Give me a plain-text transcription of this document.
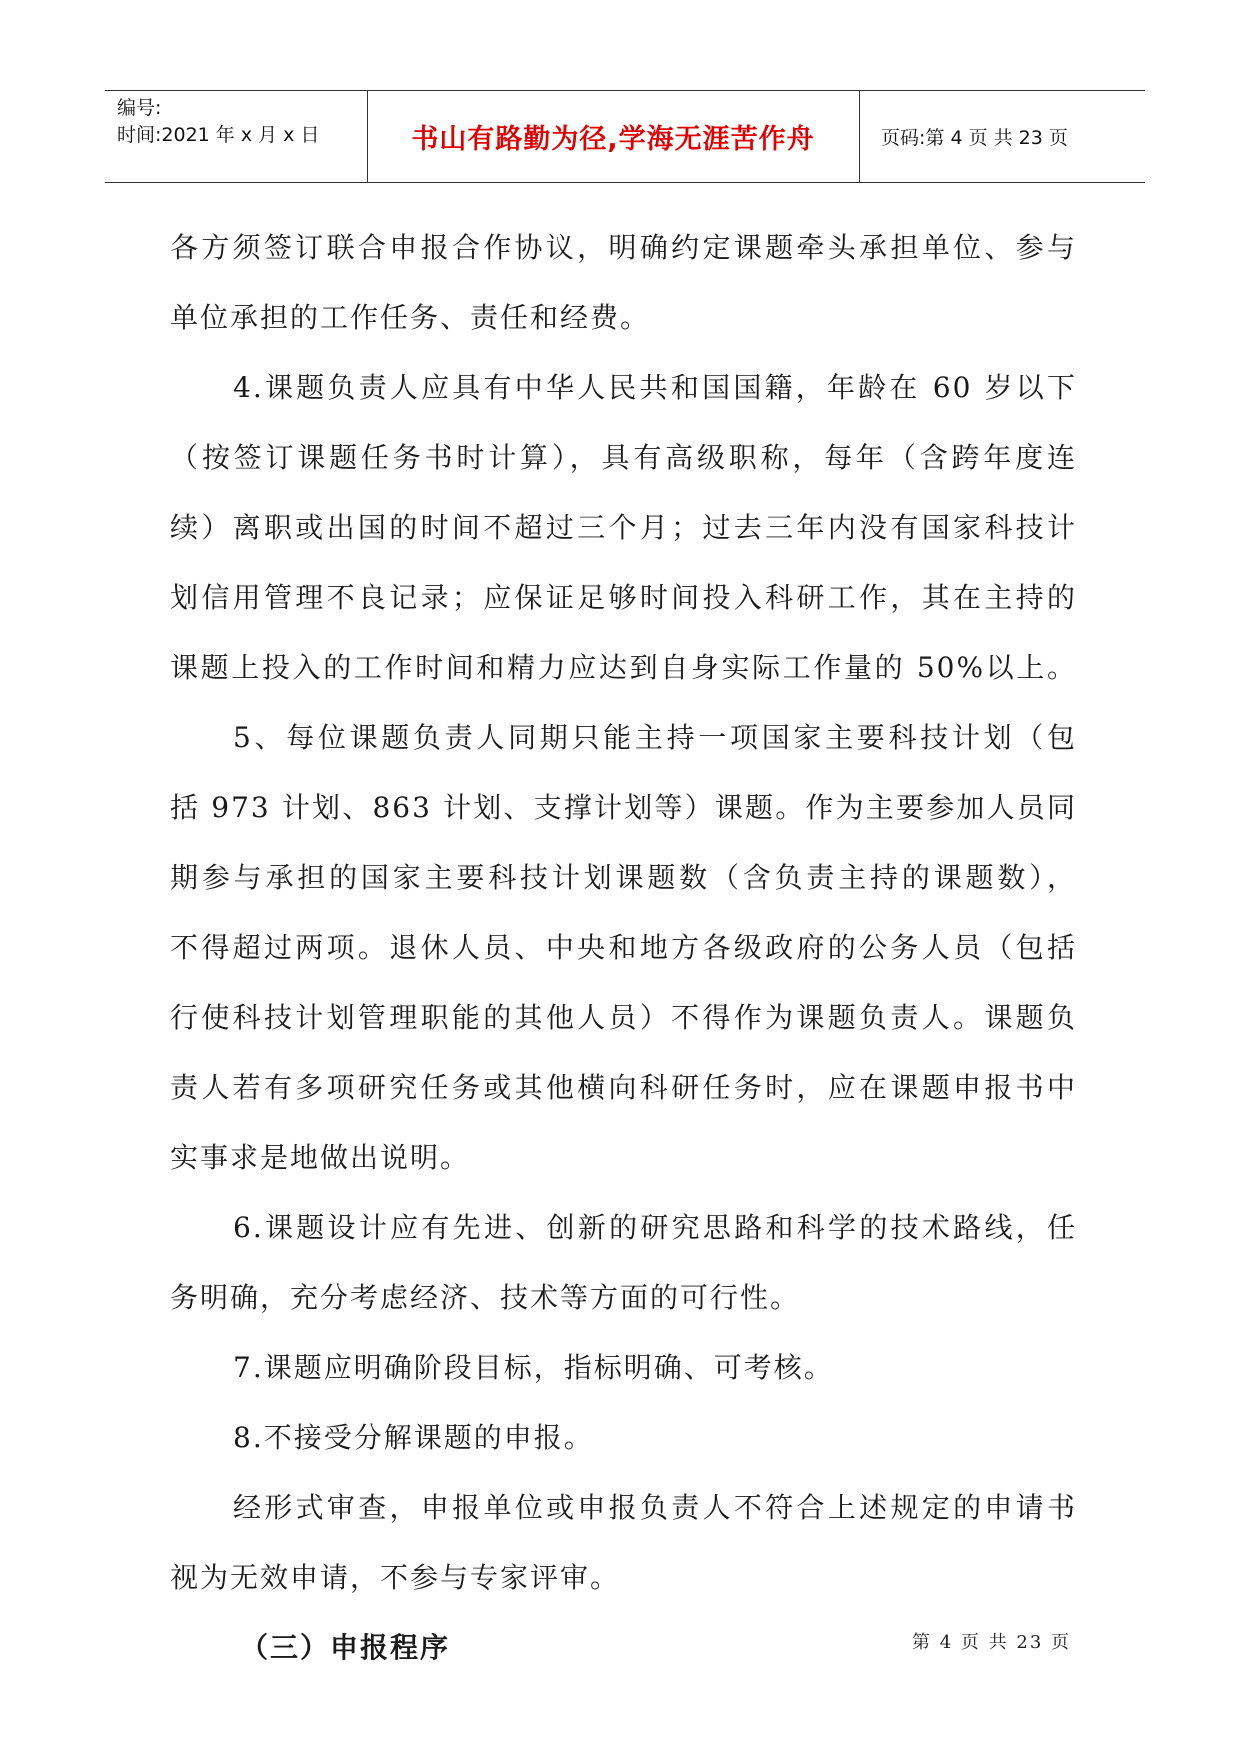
编号:
时间:2021 年 x 月 x 日	书山有路勤为径,学海无涯苦作舟	页码:第 4 页 共 23 页
各方须签订联合申报合作协议，明确约定课题牵头承担单位、参与
单位承担的工作任务、责任和经费。
4.课题负责人应具有中华人民共和国国籍，年龄在 60 岁以下
（按签订课题任务书时计算），具有高级职称，每年（含跨年度连
续）离职或出国的时间不超过三个月；过去三年内没有国家科技计
划信用管理不良记录；应保证足够时间投入科研工作，其在主持的
课题上投入的工作时间和精力应达到自身实际工作量的 50%以上。
5、每位课题负责人同期只能主持一项国家主要科技计划（包
括 973 计划、863 计划、支撑计划等）课题。作为主要参加人员同
期参与承担的国家主要科技计划课题数（含负责主持的课题数），
不得超过两项。退休人员、中央和地方各级政府的公务人员（包括
行使科技计划管理职能的其他人员）不得作为课题负责人。课题负
责人若有多项研究任务或其他横向科研任务时，应在课题申报书中
实事求是地做出说明。
6.课题设计应有先进、创新的研究思路和科学的技术路线，任
务明确，充分考虑经济、技术等方面的可行性。
7.课题应明确阶段目标，指标明确、可考核。
8.不接受分解课题的申报。
经形式审查，申报单位或申报负责人不符合上述规定的申请书
视为无效申请，不参与专家评审。
（三）申报程序	第 4 页 共 23 页
